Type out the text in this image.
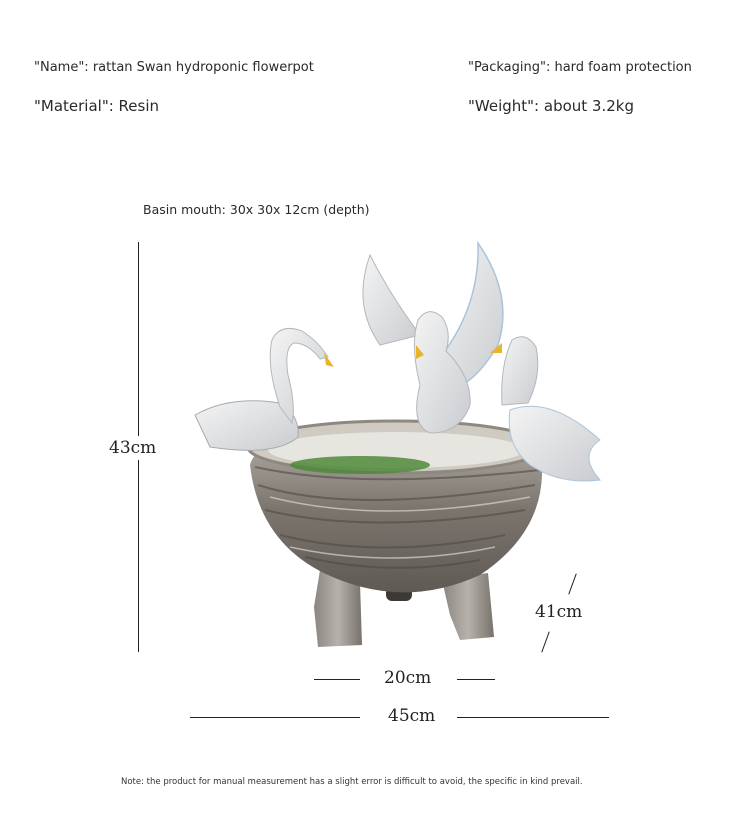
"Name": rattan Swan hydroponic flowerpot	"Packaging": hard foam protection
"Material": Resin	"Weight": about 3.2kg
Basin mouth: 30x 30x 12cm (depth)
43cm
41cm
20cm
45cm
Note: the product for manual measurement has a slight error is difficult to avoid, the specific in kind prevail.
